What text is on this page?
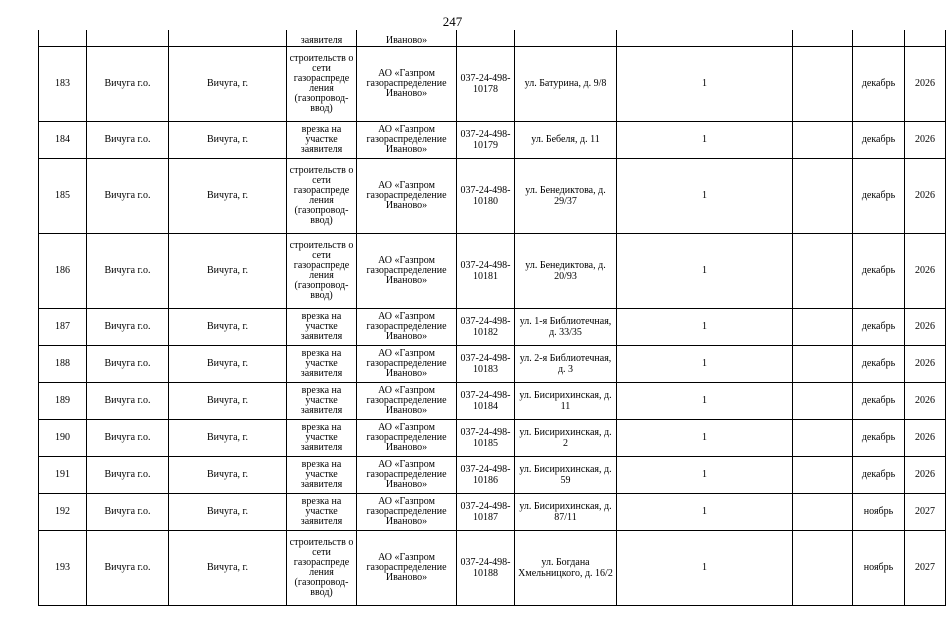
247
			заявителя	Иваново»						
183	Вичуга г.о.	Вичуга, г.	строительств о сети газораспреде ления (газопровод-ввод)	АО «Газпром газораспределение Иваново»	037-24-498-10178	ул. Батурина, д. 9/8	1		декабрь	2026
184	Вичуга г.о.	Вичуга, г.	врезка на участке заявителя	АО «Газпром газораспределение Иваново»	037-24-498-10179	ул. Бебеля, д. 11	1		декабрь	2026
185	Вичуга г.о.	Вичуга, г.	строительств о сети газораспреде ления (газопровод-ввод)	АО «Газпром газораспределение Иваново»	037-24-498-10180	ул. Бенедиктова, д. 29/37	1		декабрь	2026
186	Вичуга г.о.	Вичуга, г.	строительств о сети газораспреде ления (газопровод-ввод)	АО «Газпром газораспределение Иваново»	037-24-498-10181	ул. Бенедиктова, д. 20/93	1		декабрь	2026
187	Вичуга г.о.	Вичуга, г.	врезка на участке заявителя	АО «Газпром газораспределение Иваново»	037-24-498-10182	ул. 1-я Библиотечная, д. 33/35	1		декабрь	2026
188	Вичуга г.о.	Вичуга, г.	врезка на участке заявителя	АО «Газпром газораспределение Иваново»	037-24-498-10183	ул. 2-я Библиотечная, д. 3	1		декабрь	2026
189	Вичуга г.о.	Вичуга, г.	врезка на участке заявителя	АО «Газпром газораспределение Иваново»	037-24-498-10184	ул. Бисирихинская, д. 11	1		декабрь	2026
190	Вичуга г.о.	Вичуга, г.	врезка на участке заявителя	АО «Газпром газораспределение Иваново»	037-24-498-10185	ул. Бисирихинская, д. 2	1		декабрь	2026
191	Вичуга г.о.	Вичуга, г.	врезка на участке заявителя	АО «Газпром газораспределение Иваново»	037-24-498-10186	ул. Бисирихинская, д. 59	1		декабрь	2026
192	Вичуга г.о.	Вичуга, г.	врезка на участке заявителя	АО «Газпром газораспределение Иваново»	037-24-498-10187	ул. Бисирихинская, д. 87/11	1		ноябрь	2027
193	Вичуга г.о.	Вичуга, г.	строительств о сети газораспреде ления (газопровод-ввод)	АО «Газпром газораспределение Иваново»	037-24-498-10188	ул. Богдана Хмельницкого, д. 16/2	1		ноябрь	2027
